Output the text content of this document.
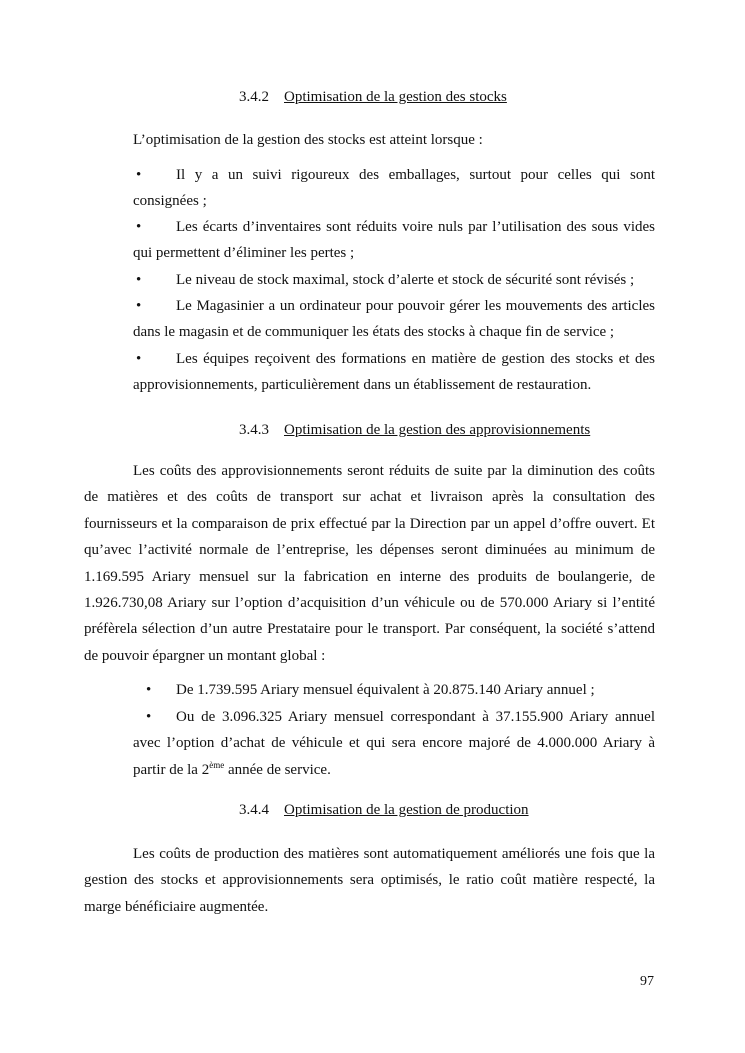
3.4.2 Optimisation de la gestion des stocks
L’optimisation de la gestion des stocks est atteint lorsque :
• Il y a un suivi rigoureux des emballages, surtout pour celles qui sont consignées ;
• Les écarts d’inventaires sont réduits voire nuls par l’utilisation des sous vides qui permettent d’éliminer les pertes ;
• Le niveau de stock maximal, stock d’alerte et stock de sécurité sont révisés ;
• Le Magasinier a un ordinateur pour pouvoir gérer les mouvements des articles dans le magasin et de communiquer les états des stocks à chaque fin de service ;
• Les équipes reçoivent des formations en matière de gestion des stocks et des approvisionnements, particulièrement dans un établissement de restauration.
3.4.3 Optimisation de la gestion des approvisionnements
Les coûts des approvisionnements seront réduits de suite par la diminution des coûts de matières et des coûts de transport sur achat et livraison après la consultation des fournisseurs et la comparaison de prix effectué par la Direction par un appel d’offre ouvert. Et qu’avec l’activité normale de l’entreprise, les dépenses seront diminuées au minimum de 1.169.595 Ariary mensuel sur la fabrication en interne des produits de boulangerie, de 1.926.730,08 Ariary sur l’option d’acquisition d’un véhicule ou de 570.000 Ariary si l’entité préfèrela sélection d’un autre Prestataire pour le transport. Par conséquent, la société s’attend de pouvoir épargner un montant global :
• De 1.739.595 Ariary mensuel équivalent à 20.875.140 Ariary annuel ;
• Ou de 3.096.325 Ariary mensuel correspondant à 37.155.900 Ariary annuel avec l’option d’achat de véhicule et qui sera encore majoré de 4.000.000 Ariary à partir de la 2ème année de service.
3.4.4 Optimisation de la gestion de production
Les coûts de production des matières sont automatiquement améliorés une fois que la gestion des stocks et approvisionnements sera optimisés, le ratio coût matière respecté, la marge bénéficiaire augmentée.
97
